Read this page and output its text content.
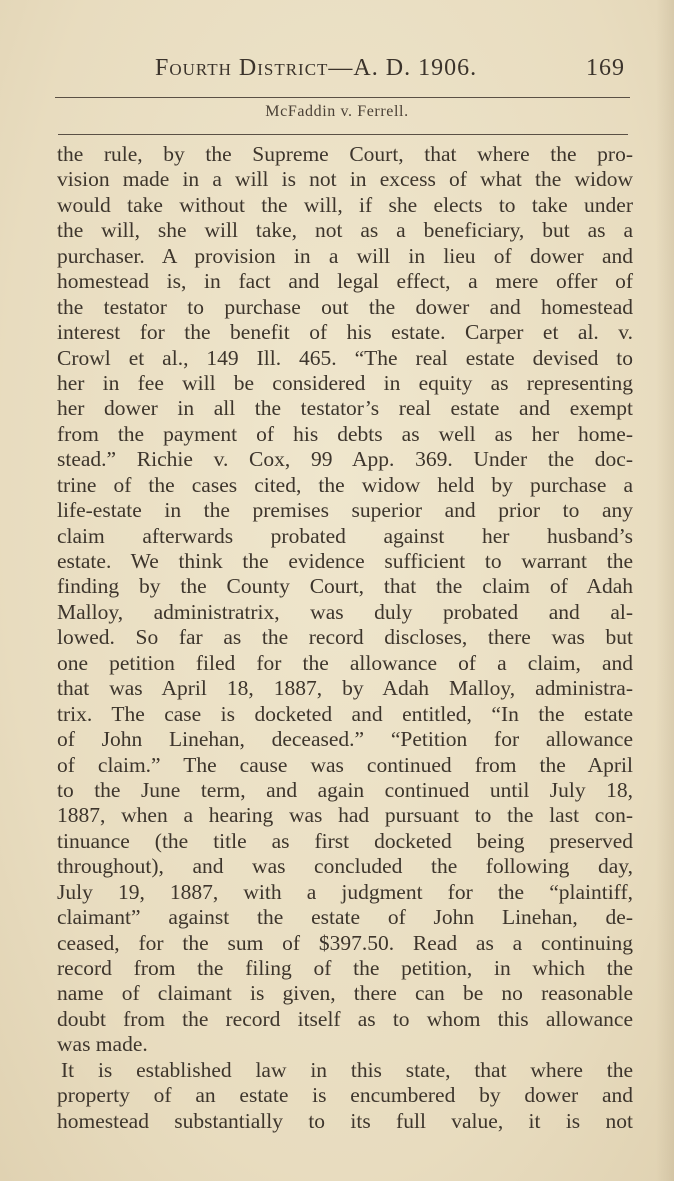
Fourth District—A. D. 1906.	169
McFaddin v. Ferrell.
the rule, by the Supreme Court, that where the pro-
vision made in a will is not in excess of what the widow
would take without the will, if she elects to take under
the will, she will take, not as a beneficiary, but as a
purchaser. A provision in a will in lieu of dower and
homestead is, in fact and legal effect, a mere offer of
the testator to purchase out the dower and homestead
interest for the benefit of his estate. Carper et al. v.
Crowl et al., 149 Ill. 465. “The real estate devised to
her in fee will be considered in equity as representing
her dower in all the testator’s real estate and exempt
from the payment of his debts as well as her home-
stead.” Richie v. Cox, 99 App. 369. Under the doc-
trine of the cases cited, the widow held by purchase a
life-estate in the premises superior and prior to any
claim afterwards probated against her husband’s
estate. We think the evidence sufficient to warrant the
finding by the County Court, that the claim of Adah
Malloy, administratrix, was duly probated and al-
lowed. So far as the record discloses, there was but
one petition filed for the allowance of a claim, and
that was April 18, 1887, by Adah Malloy, administra-
trix. The case is docketed and entitled, “In the estate
of John Linehan, deceased.” “Petition for allowance
of claim.” The cause was continued from the April
to the June term, and again continued until July 18,
1887, when a hearing was had pursuant to the last con-
tinuance (the title as first docketed being preserved
throughout), and was concluded the following day,
July 19, 1887, with a judgment for the “plaintiff,
claimant” against the estate of John Linehan, de-
ceased, for the sum of $397.50. Read as a continuing
record from the filing of the petition, in which the
name of claimant is given, there can be no reasonable
doubt from the record itself as to whom this allowance
was made.
It is established law in this state, that where the
property of an estate is encumbered by dower and
homestead substantially to its full value, it is not
